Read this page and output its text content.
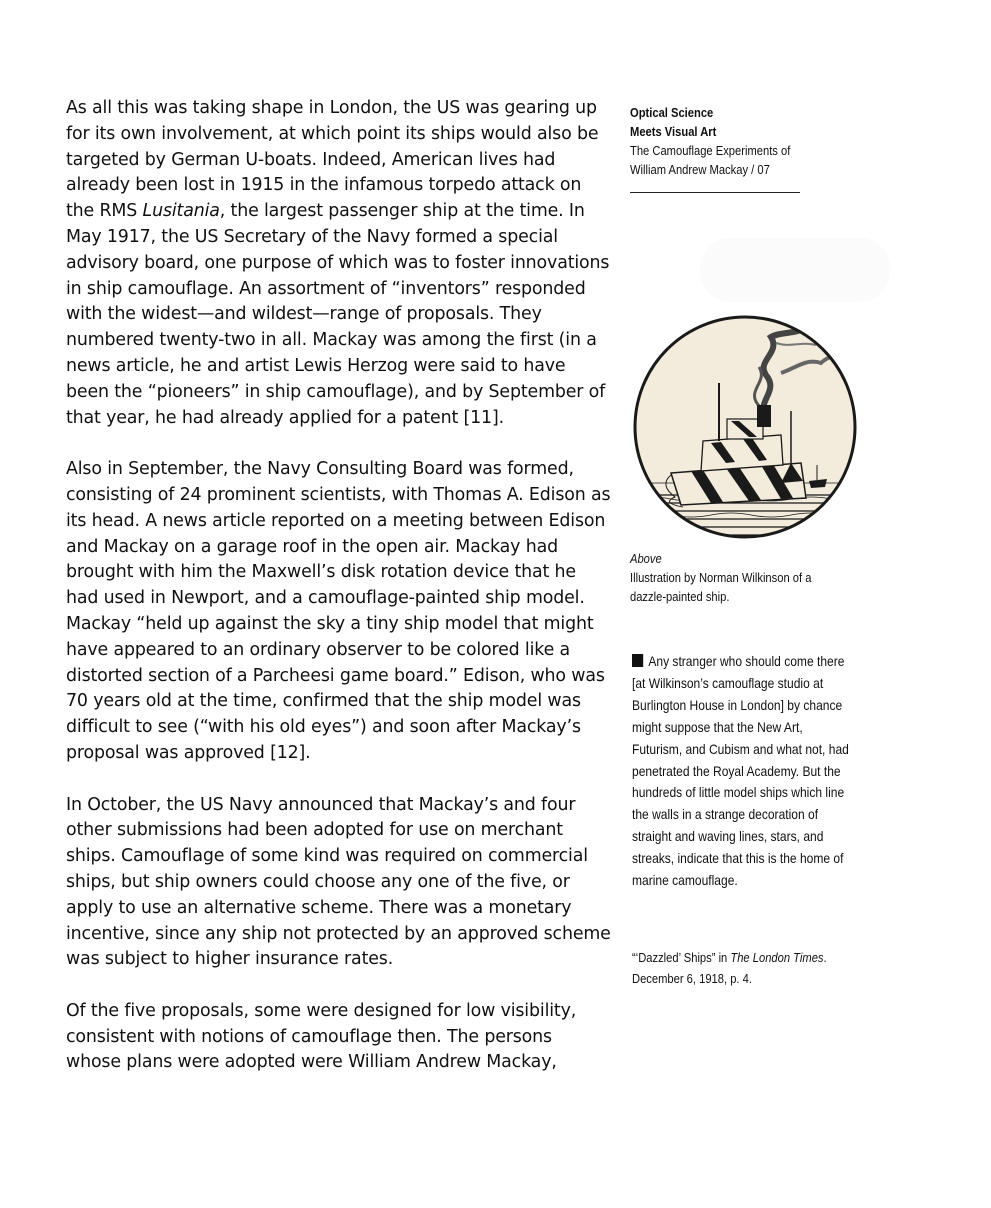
As all this was taking shape in London, the US was gearing up for its own involvement, at which point its ships would also be targeted by German U-boats. Indeed, American lives had already been lost in 1915 in the infamous torpedo attack on the RMS Lusitania, the largest passenger ship at the time. In May 1917, the US Secretary of the Navy formed a special advisory board, one purpose of which was to foster innovations in ship camouflage. An assortment of “inventors” responded with the widest—and wildest—range of proposals. They numbered twenty-two in all. Mackay was among the first (in a news article, he and artist Lewis Herzog were said to have been the “pioneers” in ship camouflage), and by September of that year, he had already applied for a patent [11].

Also in September, the Navy Consulting Board was formed, consisting of 24 prominent scientists, with Thomas A. Edison as its head. A news article reported on a meeting between Edison and Mackay on a garage roof in the open air. Mackay had brought with him the Maxwell’s disk rotation device that he had used in Newport, and a camouflage-painted ship model. Mackay “held up against the sky a tiny ship model that might have appeared to an ordinary observer to be colored like a distorted section of a Parcheesi game board.” Edison, who was 70 years old at the time, confirmed that the ship model was difficult to see (“with his old eyes”) and soon after Mackay’s proposal was approved [12].

In October, the US Navy announced that Mackay’s and four other submissions had been adopted for use on merchant ships. Camouflage of some kind was required on commercial ships, but ship owners could choose any one of the five, or apply to use an alternative scheme. There was a monetary incentive, since any ship not protected by an approved scheme was subject to higher insurance rates.

Of the five proposals, some were designed for low visibility, consistent with notions of camouflage then. The persons whose plans were adopted were William Andrew Mackay,

Optical Science
Meets Visual Art
The Camouflage Experiments of
William Andrew Mackay / 07
Above
Illustration by Norman Wilkinson of a dazzle-painted ship.
Any stranger who should come there [at Wilkinson’s camouflage studio at Burlington House in London] by chance might suppose that the New Art, Futurism, and Cubism and what not, had penetrated the Royal Academy. But the hundreds of little model ships which line the walls in a strange decoration of straight and waving lines, stars, and streaks, indicate that this is the home of marine camouflage.
“‘Dazzled’ Ships” in The London Times. December 6, 1918, p. 4.
